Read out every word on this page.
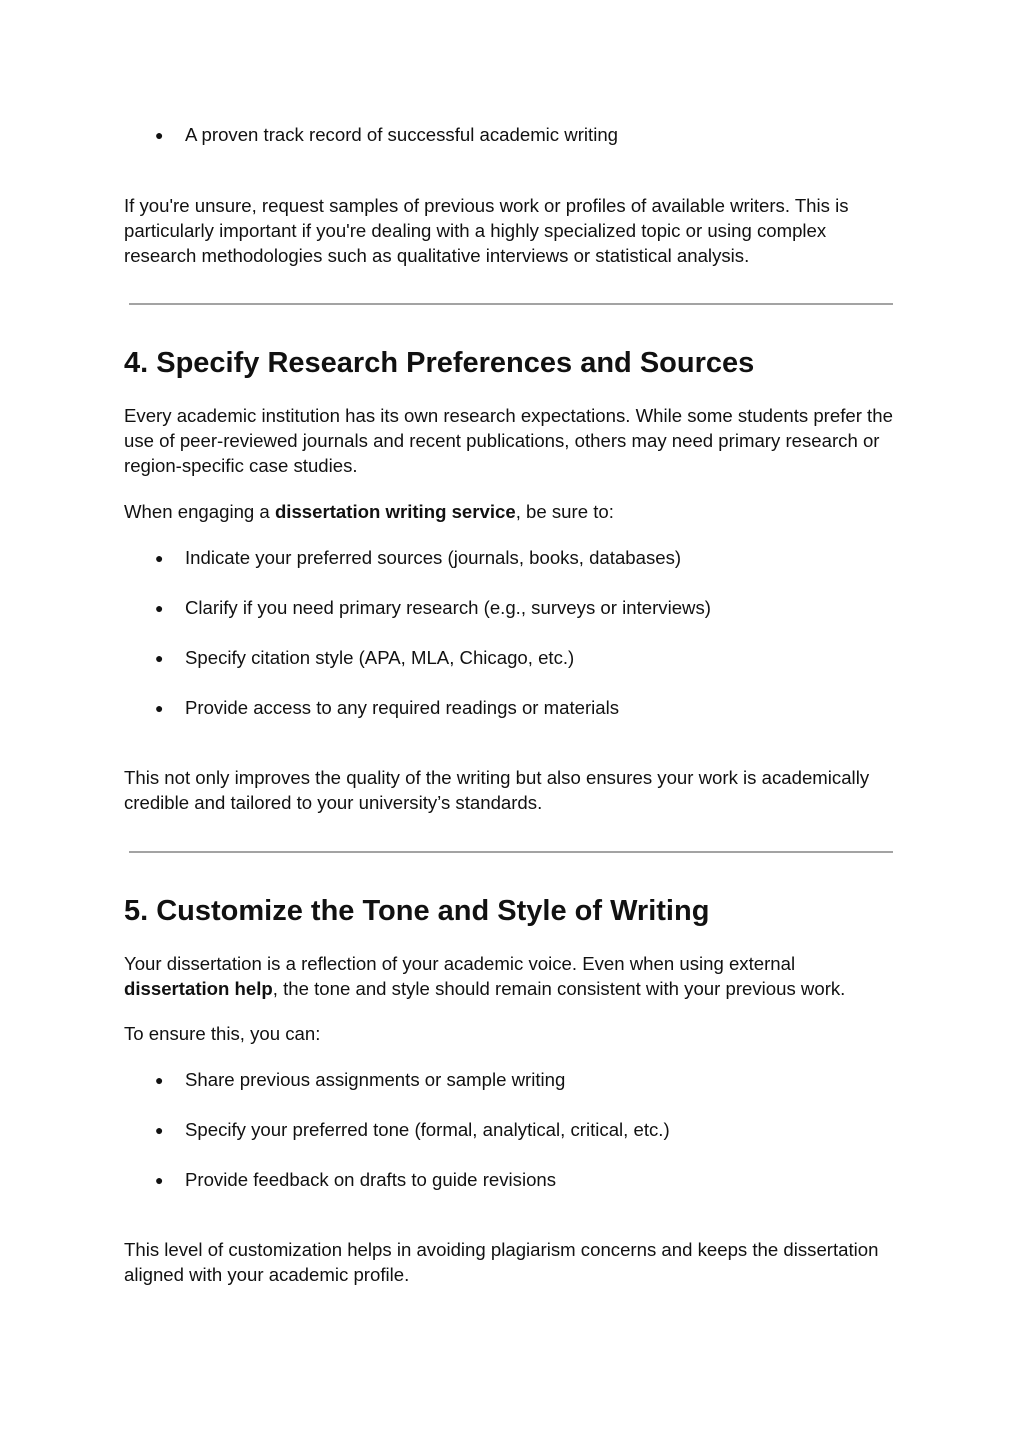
● A proven track record of successful academic writing

If you're unsure, request samples of previous work or profiles of available writers. This is particularly important if you're dealing with a highly specialized topic or using complex research methodologies such as qualitative interviews or statistical analysis.

4. Specify Research Preferences and Sources

Every academic institution has its own research expectations. While some students prefer the use of peer-reviewed journals and recent publications, others may need primary research or region-specific case studies.

When engaging a dissertation writing service, be sure to:

● Indicate your preferred sources (journals, books, databases)
● Clarify if you need primary research (e.g., surveys or interviews)
● Specify citation style (APA, MLA, Chicago, etc.)
● Provide access to any required readings or materials

This not only improves the quality of the writing but also ensures your work is academically credible and tailored to your university’s standards.

5. Customize the Tone and Style of Writing

Your dissertation is a reflection of your academic voice. Even when using external dissertation help, the tone and style should remain consistent with your previous work.

To ensure this, you can:

● Share previous assignments or sample writing
● Specify your preferred tone (formal, analytical, critical, etc.)
● Provide feedback on drafts to guide revisions

This level of customization helps in avoiding plagiarism concerns and keeps the dissertation aligned with your academic profile.
